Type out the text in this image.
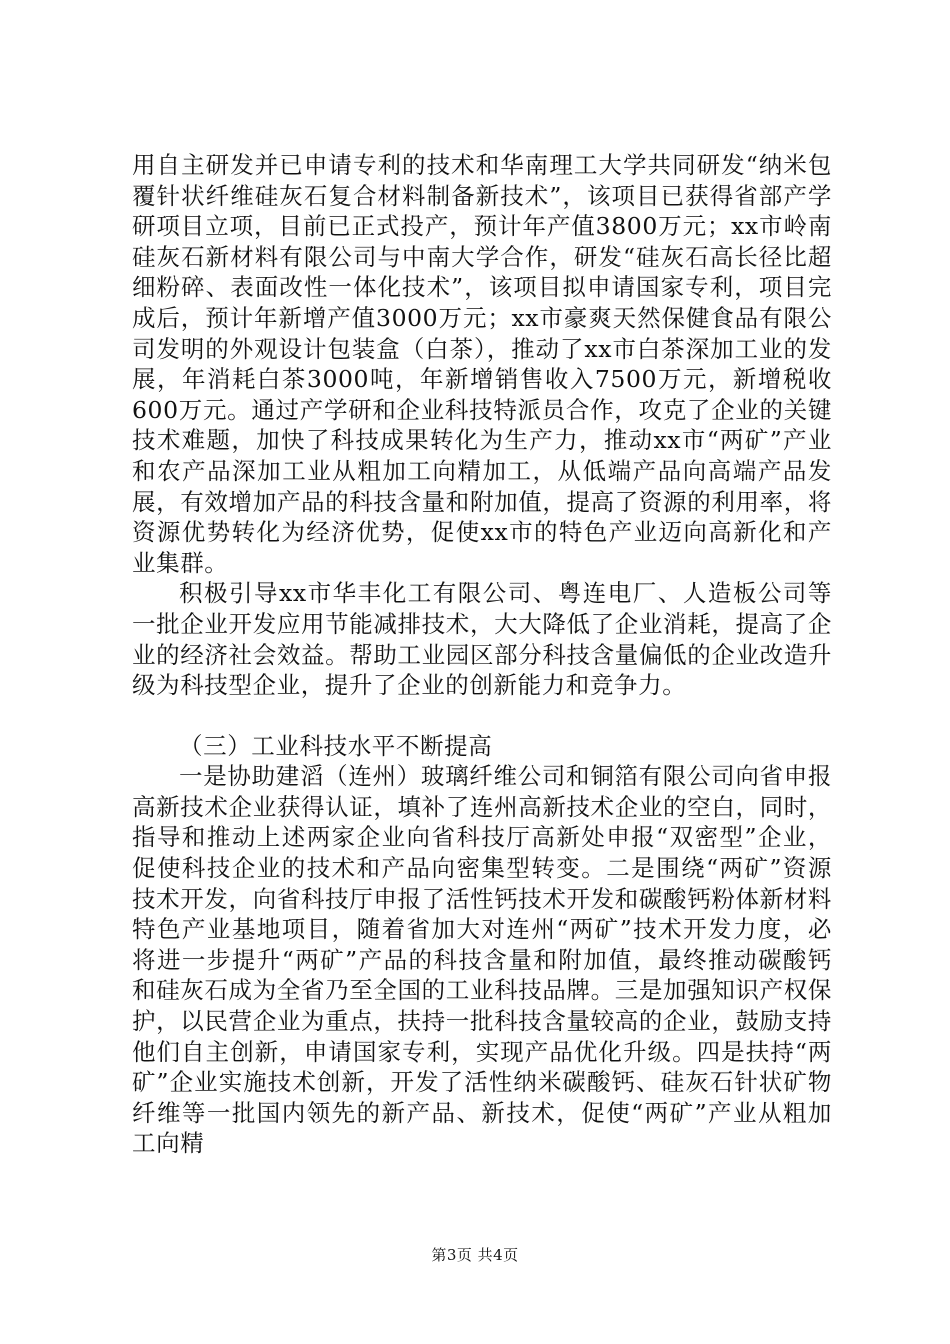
用自主研发并已申请专利的技术和华南理工大学共同研发“纳米包覆针状纤维硅灰石复合材料制备新技术”，该项目已获得省部产学研项目立项，目前已正式投产，预计年产值3800万元；xx市岭南硅灰石新材料有限公司与中南大学合作，研发“硅灰石高长径比超细粉碎、表面改性一体化技术”，该项目拟申请国家专利，项目完成后，预计年新增产值3000万元；xx市豪爽天然保健食品有限公司发明的外观设计包装盒（白茶），推动了xx市白茶深加工业的发展，年消耗白茶3000吨，年新增销售收入7500万元，新增税收600万元。通过产学研和企业科技特派员合作，攻克了企业的关键技术难题，加快了科技成果转化为生产力，推动xx市“两矿”产业和农产品深加工业从粗加工向精加工，从低端产品向高端产品发展，有效增加产品的科技含量和附加值，提高了资源的利用率，将资源优势转化为经济优势，促使xx市的特色产业迈向高新化和产业集群。

积极引导xx市华丰化工有限公司、粤连电厂、人造板公司等一批企业开发应用节能减排技术，大大降低了企业消耗，提高了企业的经济社会效益。帮助工业园区部分科技含量偏低的企业改造升级为科技型企业，提升了企业的创新能力和竞争力。

（三）工业科技水平不断提高

一是协助建滔（连州）玻璃纤维公司和铜箔有限公司向省申报高新技术企业获得认证，填补了连州高新技术企业的空白，同时，指导和推动上述两家企业向省科技厅高新处申报“双密型”企业，促使科技企业的技术和产品向密集型转变。二是围绕“两矿”资源技术开发，向省科技厅申报了活性钙技术开发和碳酸钙粉体新材料特色产业基地项目，随着省加大对连州“两矿”技术开发力度，必将进一步提升“两矿”产品的科技含量和附加值，最终推动碳酸钙和硅灰石成为全省乃至全国的工业科技品牌。三是加强知识产权保护，以民营企业为重点，扶持一批科技含量较高的企业，鼓励支持他们自主创新，申请国家专利，实现产品优化升级。四是扶持“两矿”企业实施技术创新，开发了活性纳米碳酸钙、硅灰石针状矿物纤维等一批国内领先的新产品、新技术，促使“两矿”产业从粗加工向精

第3页 共4页
